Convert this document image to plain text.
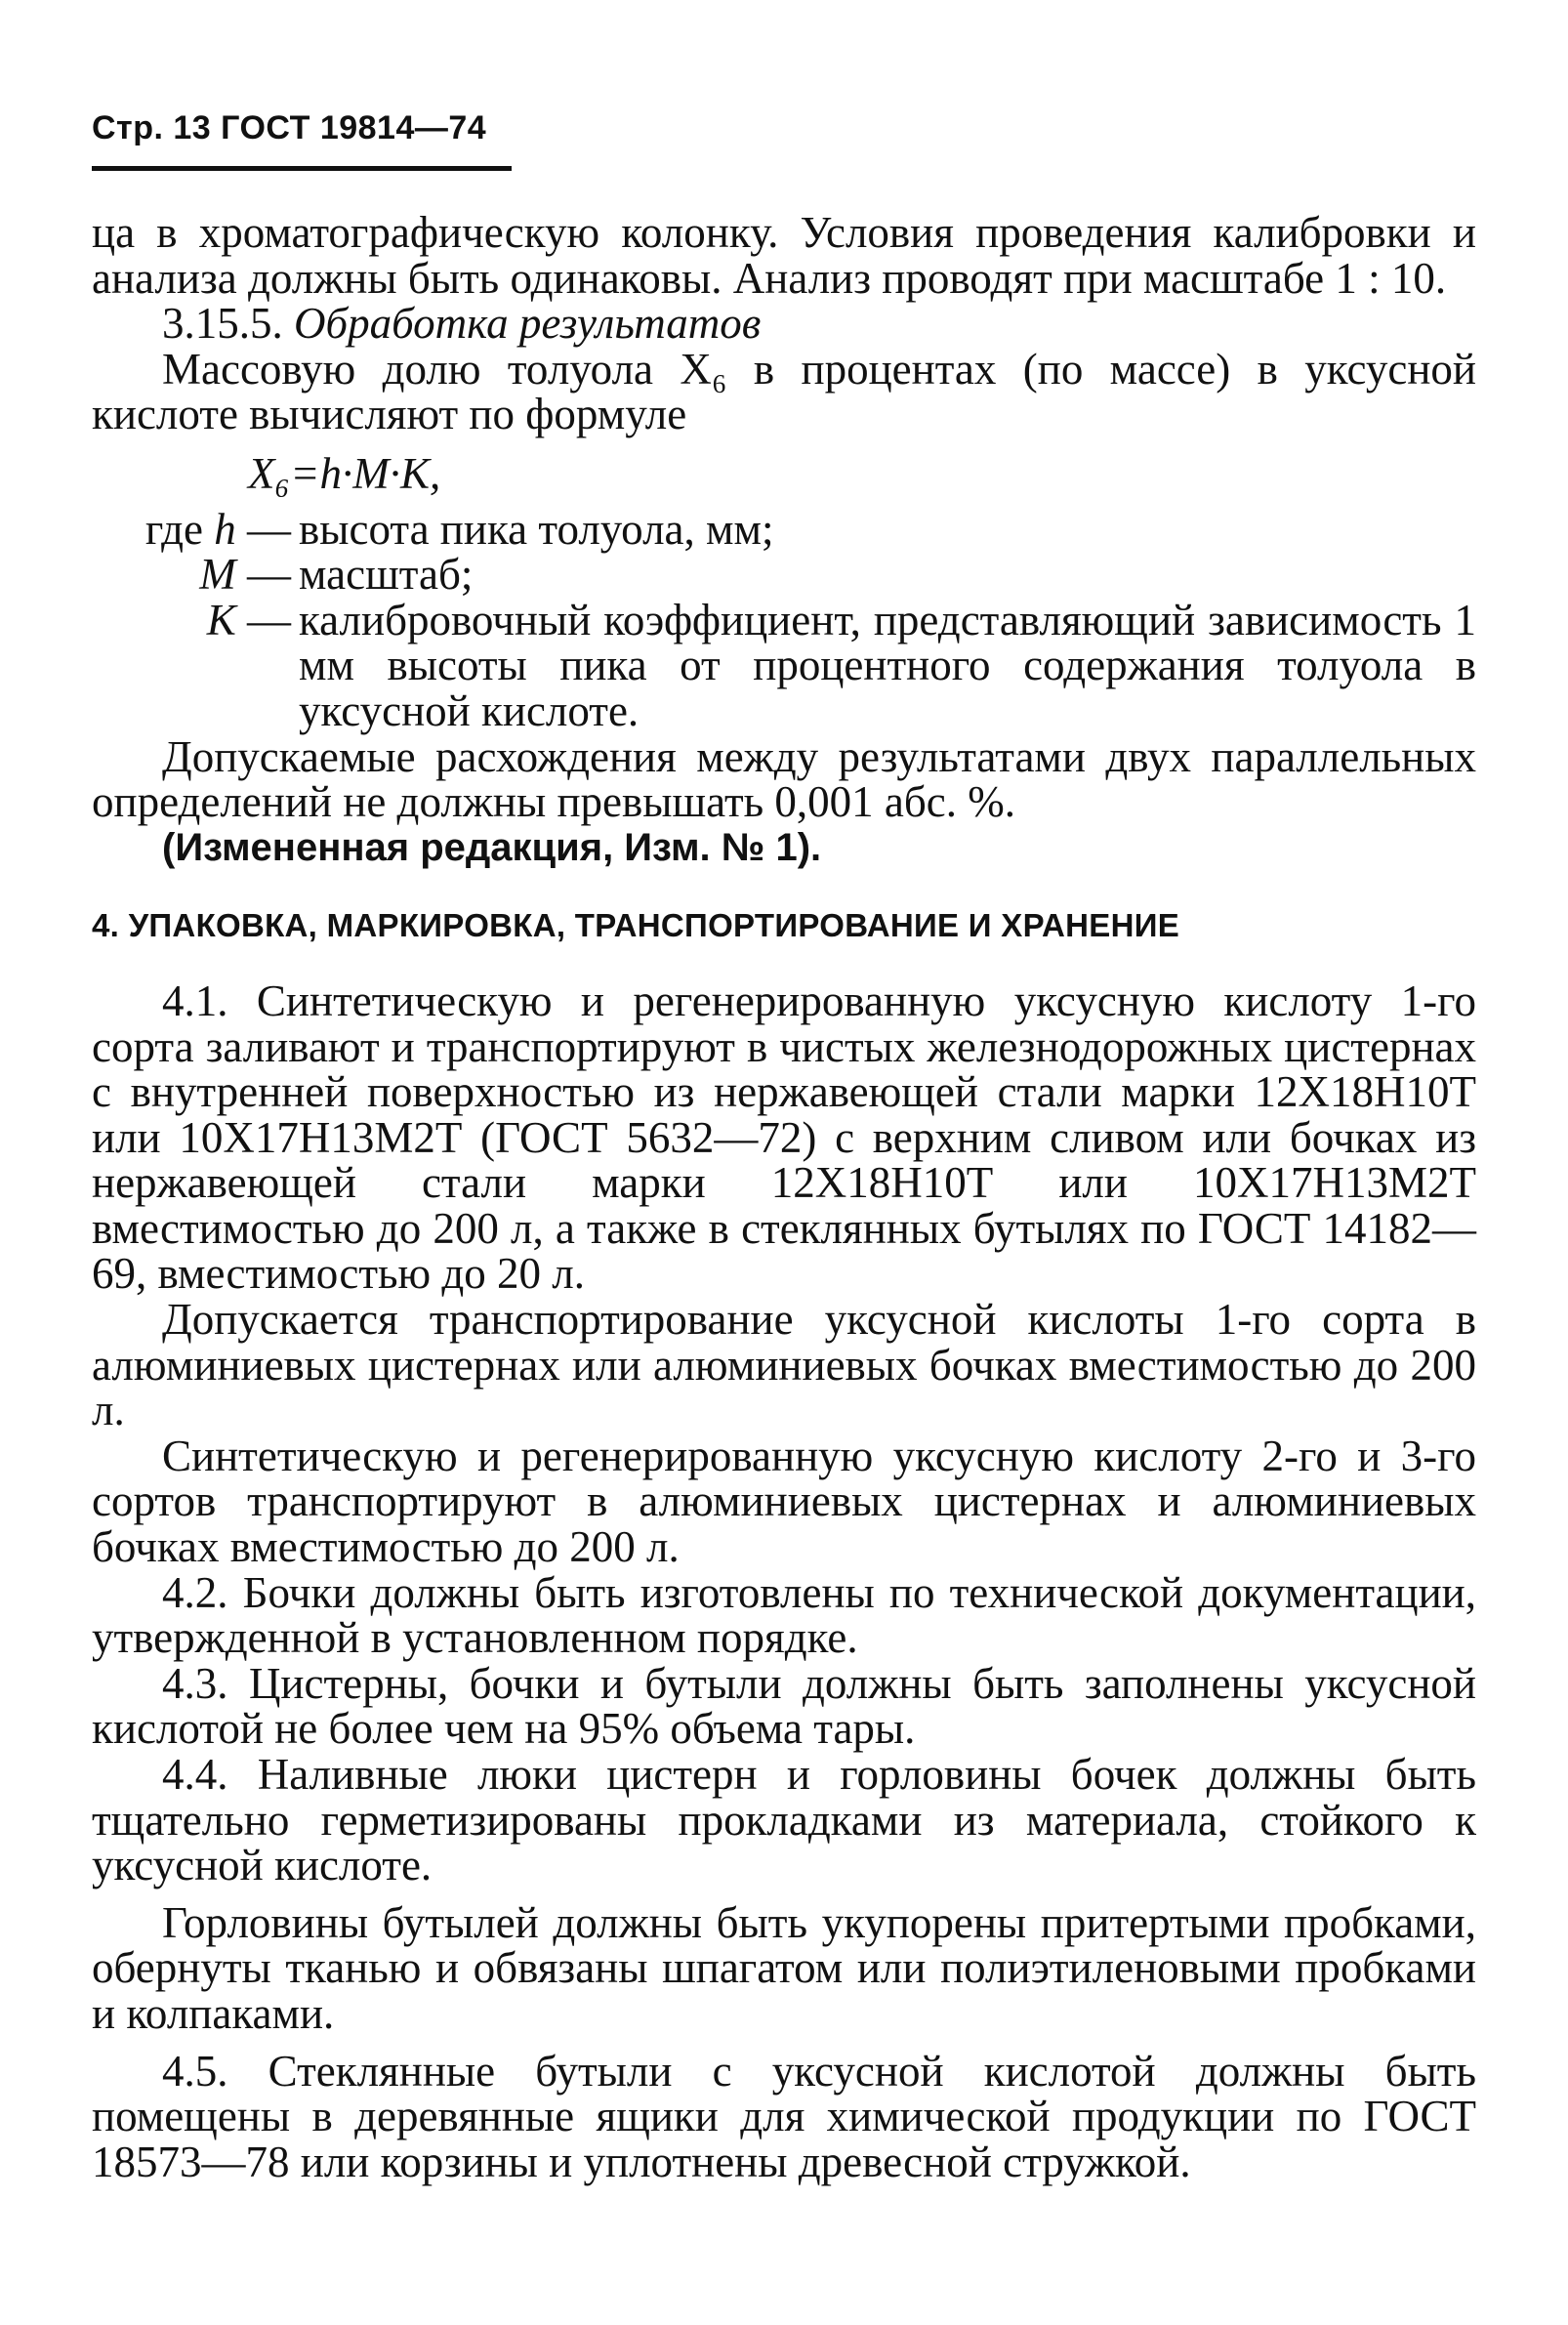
Стр. 13 ГОСТ 19814—74

ца в хроматографическую колонку. Условия проведения калибровки и анализа должны быть одинаковы. Анализ проводят при масштабе 1 : 10.

3.15.5. Обработка результатов

Массовую долю толуола X₆ в процентах (по массе) в уксусной кислоте вычисляют по формуле

X₆=h·M·K,

где h — высота пика толуола, мм;
M — масштаб;
K — калибровочный коэффициент, представляющий зависимость 1 мм высоты пика от процентного содержания толуола в уксусной кислоте.

Допускаемые расхождения между результатами двух параллельных определений не должны превышать 0,001 абс. %.

(Измененная редакция, Изм. № 1).

4. УПАКОВКА, МАРКИРОВКА, ТРАНСПОРТИРОВАНИЕ И ХРАНЕНИЕ

4.1. Синтетическую и регенерированную уксусную кислоту 1-го сорта заливают и транспортируют в чистых железнодорожных цистернах с внутренней поверхностью из нержавеющей стали марки 12Х18Н10Т или 10Х17Н13М2Т (ГОСТ 5632—72) с верхним сливом или бочках из нержавеющей стали марки 12Х18Н10Т или 10Х17Н13М2Т вместимостью до 200 л, а также в стеклянных бутылях по ГОСТ 14182—69, вместимостью до 20 л.

Допускается транспортирование уксусной кислоты 1-го сорта в алюминиевых цистернах или алюминиевых бочках вместимостью до 200 л.

Синтетическую и регенерированную уксусную кислоту 2-го и 3-го сортов транспортируют в алюминиевых цистернах и алюминиевых бочках вместимостью до 200 л.

4.2. Бочки должны быть изготовлены по технической документации, утвержденной в установленном порядке.

4.3. Цистерны, бочки и бутыли должны быть заполнены уксусной кислотой не более чем на 95% объема тары.

4.4. Наливные люки цистерн и горловины бочек должны быть тщательно герметизированы прокладками из материала, стойкого к уксусной кислоте.

Горловины бутылей должны быть укупорены притертыми пробками, обернуты тканью и обвязаны шпагатом или полиэтиленовыми пробками и колпаками.

4.5. Стеклянные бутыли с уксусной кислотой должны быть помещены в деревянные ящики для химической продукции по ГОСТ 18573—78 или корзины и уплотнены древесной стружкой.
